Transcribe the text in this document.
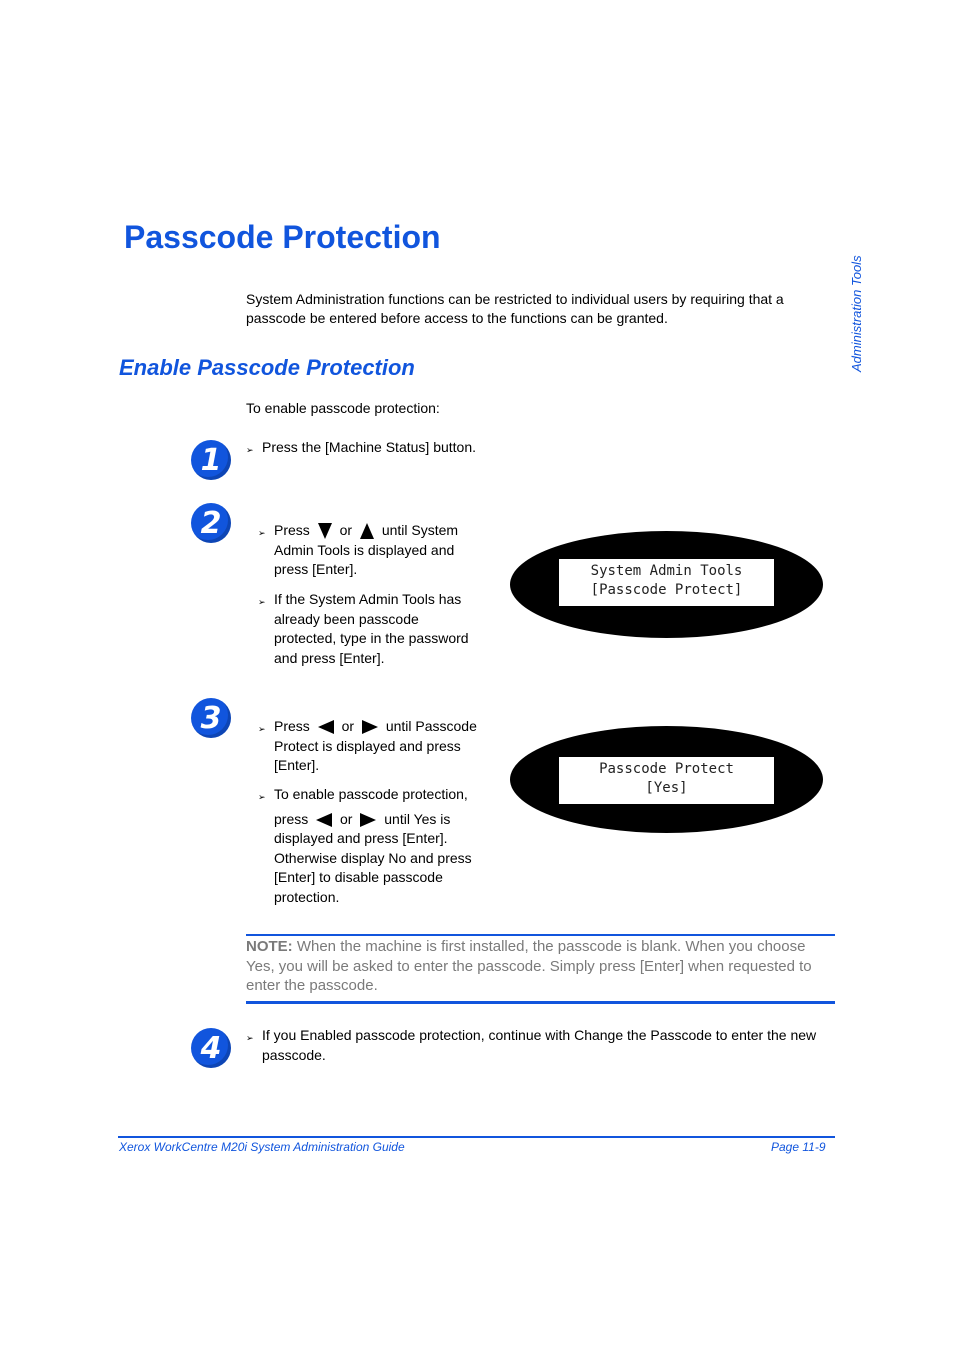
Passcode Protection
Administration Tools

System Administration functions can be restricted to individual users by requiring that a passcode be entered before access to the functions can be granted.

Enable Passcode Protection

To enable passcode protection:

1	➢ Press the [Machine Status] button.
2	➢ Press or until System
Admin Tools is displayed and press [Enter].
➢ If the System Admin Tools has already been passcode protected, type in the password and press [Enter].
System Admin Tools
[Passcode Protect]
3	➢ Press or until Passcode
Protect is displayed and press [Enter].
➢ To enable passcode protection,
press or until Yes is
displayed and press [Enter]. Otherwise display No and press [Enter] to disable passcode protection.
Passcode Protect
[Yes]

NOTE: When the machine is first installed, the passcode is blank. When you choose Yes, you will be asked to enter the passcode. Simply press [Enter] when requested to enter the passcode.

4	➢ If you Enabled passcode protection, continue with Change the Passcode to enter the new passcode.
Xerox WorkCentre M20i System Administration Guide	Page 11-9
